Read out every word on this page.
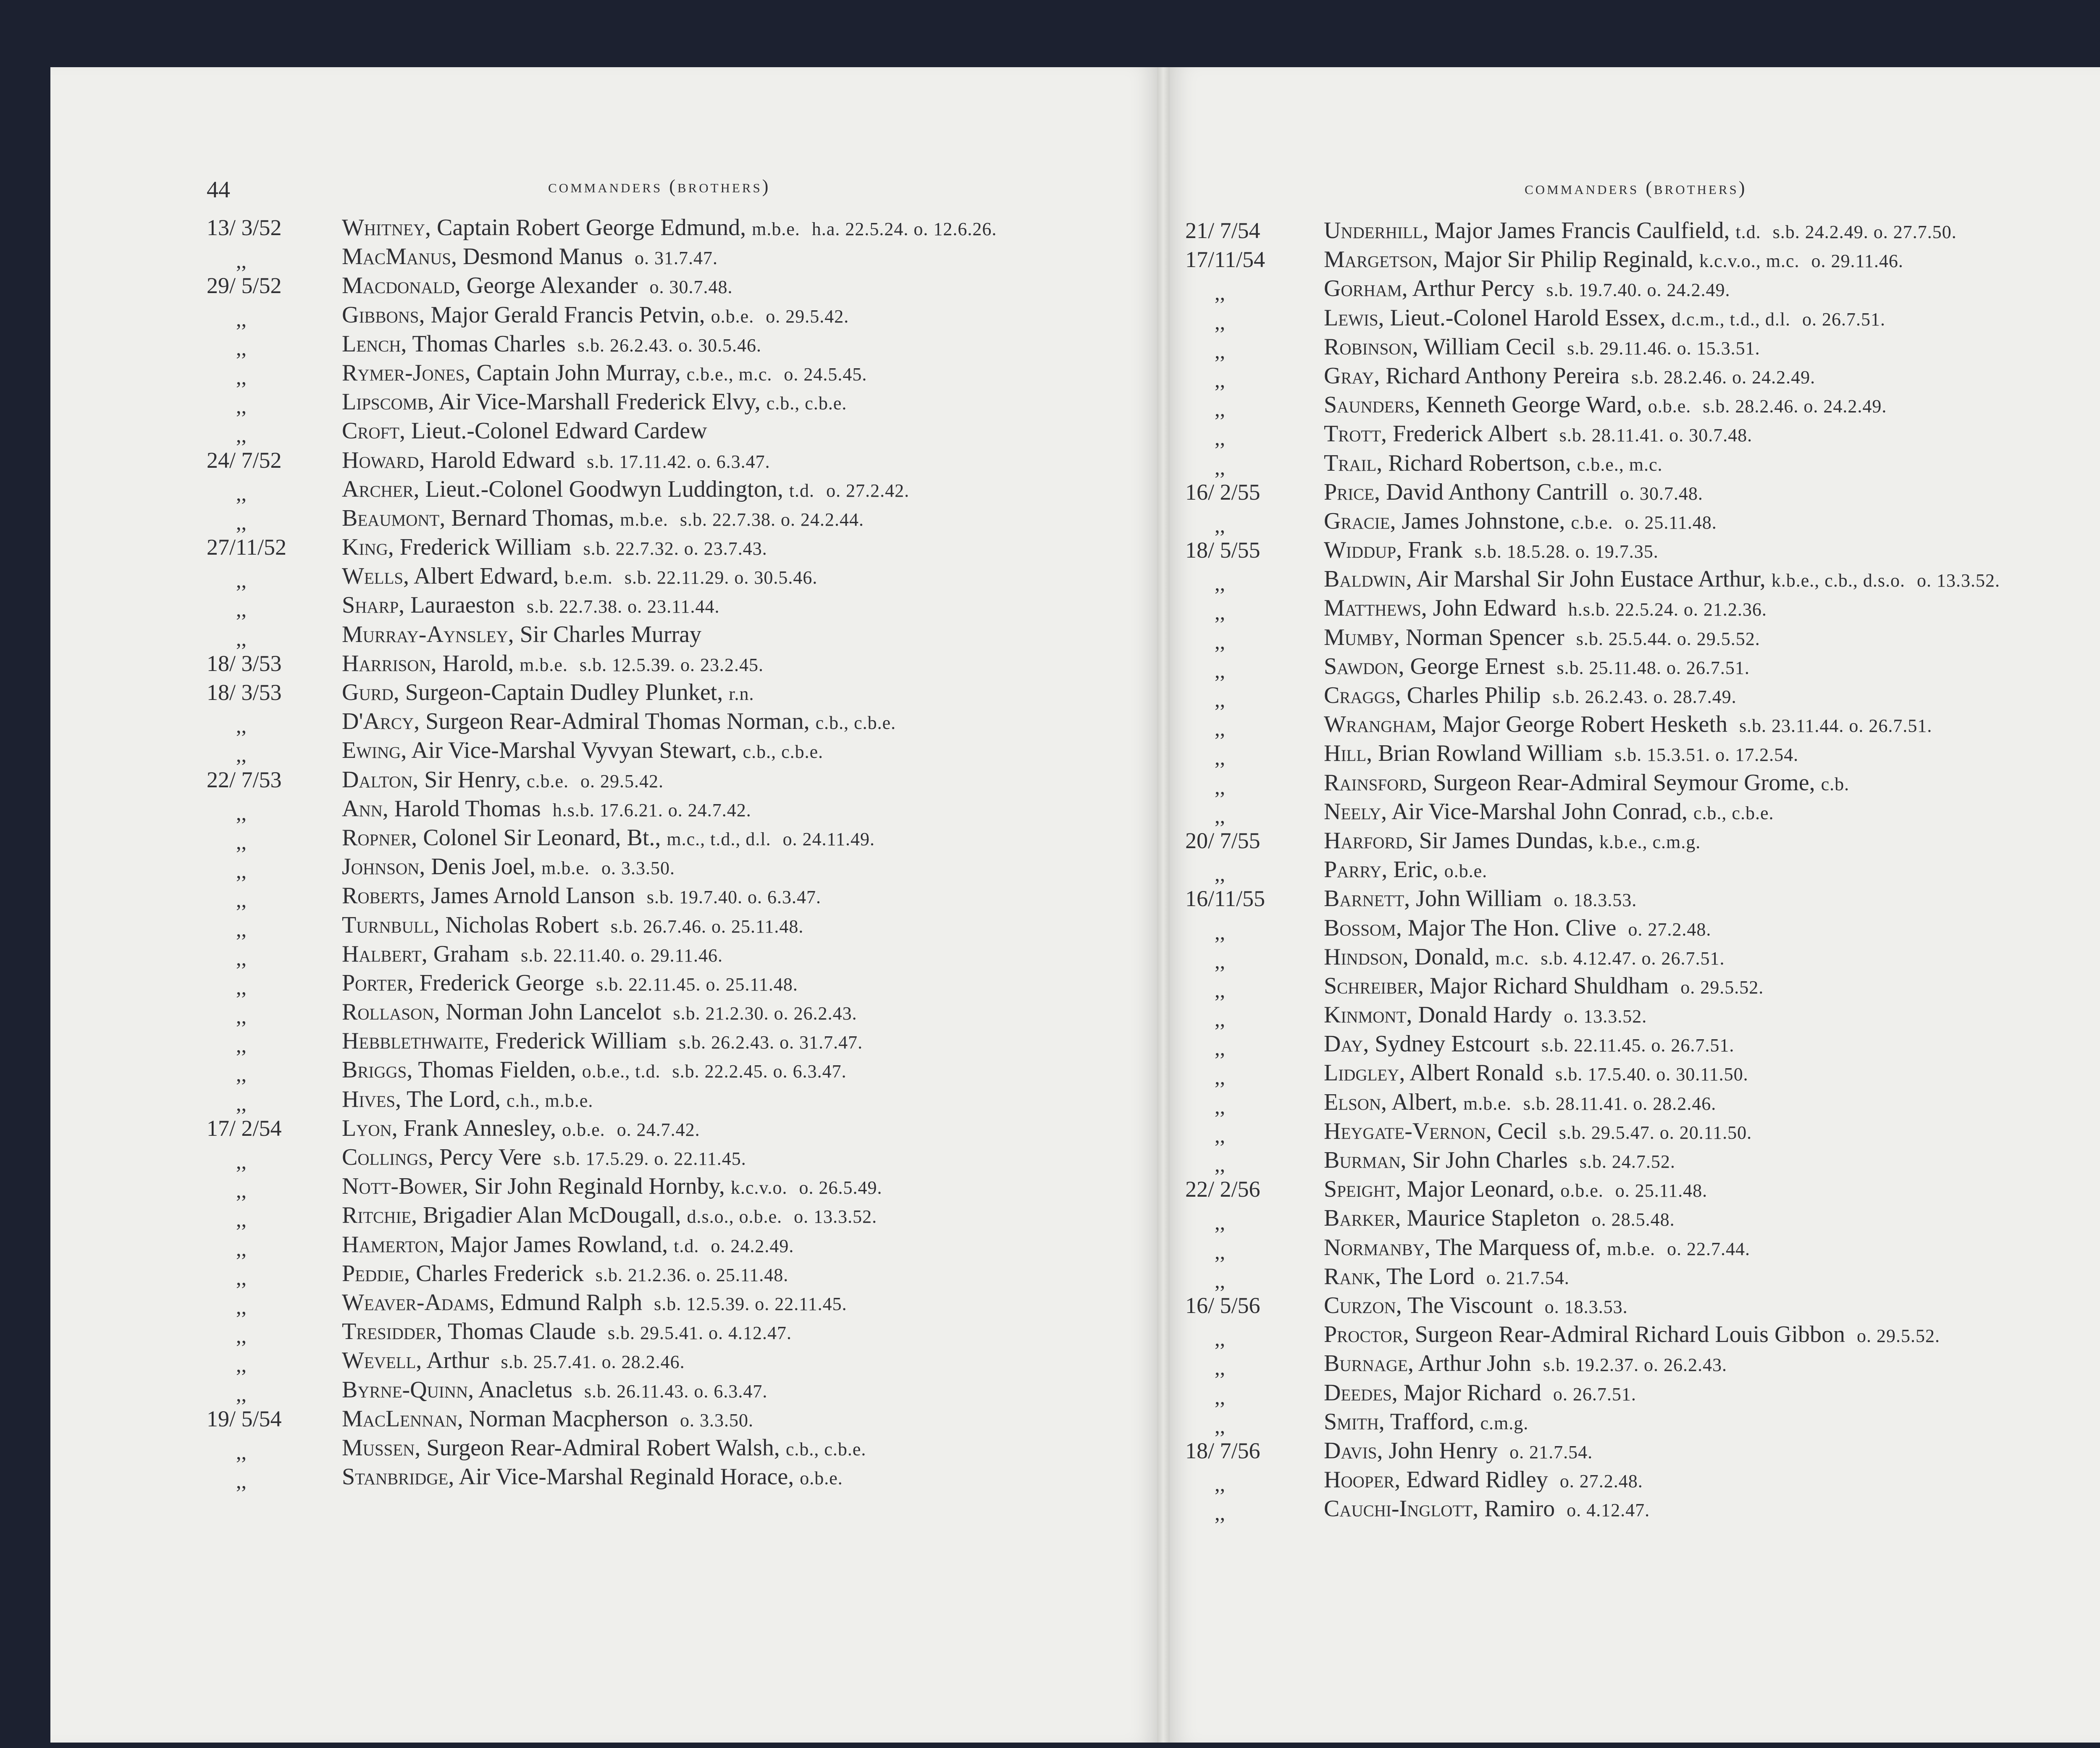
44	commanders (brothers)	commanders (brothers)
13/ 3/52	Whitney, Captain Robert George Edmund, m.b.e. h.a. 22.5.24. o. 12.6.26.
,,	MacManus, Desmond Manus o. 31.7.47.
29/ 5/52	Macdonald, George Alexander o. 30.7.48.
,,	Gibbons, Major Gerald Francis Petvin, o.b.e. o. 29.5.42.
,,	Lench, Thomas Charles s.b. 26.2.43. o. 30.5.46.
,,	Rymer-Jones, Captain John Murray, c.b.e., m.c. o. 24.5.45.
,,	Lipscomb, Air Vice-Marshall Frederick Elvy, c.b., c.b.e.
,,	Croft, Lieut.-Colonel Edward Cardew
24/ 7/52	Howard, Harold Edward s.b. 17.11.42. o. 6.3.47.
,,	Archer, Lieut.-Colonel Goodwyn Luddington, t.d. o. 27.2.42.
,,	Beaumont, Bernard Thomas, m.b.e. s.b. 22.7.38. o. 24.2.44.
27/11/52	King, Frederick William s.b. 22.7.32. o. 23.7.43.
,,	Wells, Albert Edward, b.e.m. s.b. 22.11.29. o. 30.5.46.
,,	Sharp, Lauraeston s.b. 22.7.38. o. 23.11.44.
,,	Murray-Aynsley, Sir Charles Murray
18/ 3/53	Harrison, Harold, m.b.e. s.b. 12.5.39. o. 23.2.45.
18/ 3/53	Gurd, Surgeon-Captain Dudley Plunket, r.n.
,,	D'Arcy, Surgeon Rear-Admiral Thomas Norman, c.b., c.b.e.
,,	Ewing, Air Vice-Marshal Vyvyan Stewart, c.b., c.b.e.
22/ 7/53	Dalton, Sir Henry, c.b.e. o. 29.5.42.
,,	Ann, Harold Thomas h.s.b. 17.6.21. o. 24.7.42.
,,	Ropner, Colonel Sir Leonard, Bt., m.c., t.d., d.l. o. 24.11.49.
,,	Johnson, Denis Joel, m.b.e. o. 3.3.50.
,,	Roberts, James Arnold Lanson s.b. 19.7.40. o. 6.3.47.
,,	Turnbull, Nicholas Robert s.b. 26.7.46. o. 25.11.48.
,,	Halbert, Graham s.b. 22.11.40. o. 29.11.46.
,,	Porter, Frederick George s.b. 22.11.45. o. 25.11.48.
,,	Rollason, Norman John Lancelot s.b. 21.2.30. o. 26.2.43.
,,	Hebblethwaite, Frederick William s.b. 26.2.43. o. 31.7.47.
,,	Briggs, Thomas Fielden, o.b.e., t.d. s.b. 22.2.45. o. 6.3.47.
,,	Hives, The Lord, c.h., m.b.e.
17/ 2/54	Lyon, Frank Annesley, o.b.e. o. 24.7.42.
,,	Collings, Percy Vere s.b. 17.5.29. o. 22.11.45.
,,	Nott-Bower, Sir John Reginald Hornby, k.c.v.o. o. 26.5.49.
,,	Ritchie, Brigadier Alan McDougall, d.s.o., o.b.e. o. 13.3.52.
,,	Hamerton, Major James Rowland, t.d. o. 24.2.49.
,,	Peddie, Charles Frederick s.b. 21.2.36. o. 25.11.48.
,,	Weaver-Adams, Edmund Ralph s.b. 12.5.39. o. 22.11.45.
,,	Tresidder, Thomas Claude s.b. 29.5.41. o. 4.12.47.
,,	Wevell, Arthur s.b. 25.7.41. o. 28.2.46.
,,	Byrne-Quinn, Anacletus s.b. 26.11.43. o. 6.3.47.
19/ 5/54	MacLennan, Norman Macpherson o. 3.3.50.
,,	Mussen, Surgeon Rear-Admiral Robert Walsh, c.b., c.b.e.
,,	Stanbridge, Air Vice-Marshal Reginald Horace, o.b.e.
21/ 7/54	Underhill, Major James Francis Caulfield, t.d. s.b. 24.2.49. o. 27.7.50.
17/11/54	Margetson, Major Sir Philip Reginald, k.c.v.o., m.c. o. 29.11.46.
,,	Gorham, Arthur Percy s.b. 19.7.40. o. 24.2.49.
,,	Lewis, Lieut.-Colonel Harold Essex, d.c.m., t.d., d.l. o. 26.7.51.
,,	Robinson, William Cecil s.b. 29.11.46. o. 15.3.51.
,,	Gray, Richard Anthony Pereira s.b. 28.2.46. o. 24.2.49.
,,	Saunders, Kenneth George Ward, o.b.e. s.b. 28.2.46. o. 24.2.49.
,,	Trott, Frederick Albert s.b. 28.11.41. o. 30.7.48.
,,	Trail, Richard Robertson, c.b.e., m.c.
16/ 2/55	Price, David Anthony Cantrill o. 30.7.48.
,,	Gracie, James Johnstone, c.b.e. o. 25.11.48.
18/ 5/55	Widdup, Frank s.b. 18.5.28. o. 19.7.35.
,,	Baldwin, Air Marshal Sir John Eustace Arthur, k.b.e., c.b., d.s.o. o. 13.3.52.
,,	Matthews, John Edward h.s.b. 22.5.24. o. 21.2.36.
,,	Mumby, Norman Spencer s.b. 25.5.44. o. 29.5.52.
,,	Sawdon, George Ernest s.b. 25.11.48. o. 26.7.51.
,,	Craggs, Charles Philip s.b. 26.2.43. o. 28.7.49.
,,	Wrangham, Major George Robert Hesketh s.b. 23.11.44. o. 26.7.51.
,,	Hill, Brian Rowland William s.b. 15.3.51. o. 17.2.54.
,,	Rainsford, Surgeon Rear-Admiral Seymour Grome, c.b.
,,	Neely, Air Vice-Marshal John Conrad, c.b., c.b.e.
20/ 7/55	Harford, Sir James Dundas, k.b.e., c.m.g.
,,	Parry, Eric, o.b.e.
16/11/55	Barnett, John William o. 18.3.53.
,,	Bossom, Major The Hon. Clive o. 27.2.48.
,,	Hindson, Donald, m.c. s.b. 4.12.47. o. 26.7.51.
,,	Schreiber, Major Richard Shuldham o. 29.5.52.
,,	Kinmont, Donald Hardy o. 13.3.52.
,,	Day, Sydney Estcourt s.b. 22.11.45. o. 26.7.51.
,,	Lidgley, Albert Ronald s.b. 17.5.40. o. 30.11.50.
,,	Elson, Albert, m.b.e. s.b. 28.11.41. o. 28.2.46.
,,	Heygate-Vernon, Cecil s.b. 29.5.47. o. 20.11.50.
,,	Burman, Sir John Charles s.b. 24.7.52.
22/ 2/56	Speight, Major Leonard, o.b.e. o. 25.11.48.
,,	Barker, Maurice Stapleton o. 28.5.48.
,,	Normanby, The Marquess of, m.b.e. o. 22.7.44.
,,	Rank, The Lord o. 21.7.54.
16/ 5/56	Curzon, The Viscount o. 18.3.53.
,,	Proctor, Surgeon Rear-Admiral Richard Louis Gibbon o. 29.5.52.
,,	Burnage, Arthur John s.b. 19.2.37. o. 26.2.43.
,,	Deedes, Major Richard o. 26.7.51.
,,	Smith, Trafford, c.m.g.
18/ 7/56	Davis, John Henry o. 21.7.54.
,,	Hooper, Edward Ridley o. 27.2.48.
,,	Cauchi-Inglott, Ramiro o. 4.12.47.
